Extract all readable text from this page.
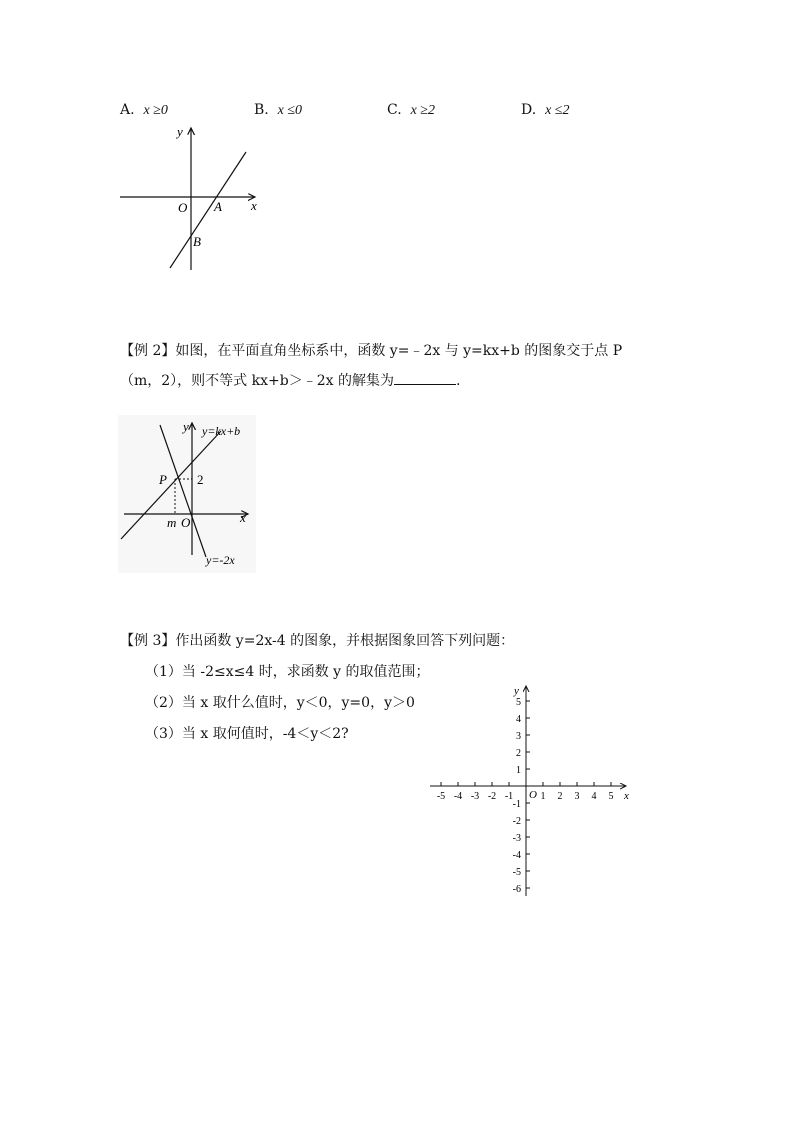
A. x ≥0	B. x ≤0	C. x ≥2	D. x ≤2
y
x
O A
B
【例 2】如图，在平面直角坐标系中，函数 y=﹣2x 与 y=kx+b 的图象交于点 P
（m，2），则不等式 kx+b＞﹣2x 的解集为	.
y y=kx+b
P 2
x
m O
y=-2x
【例 3】作出函数 y=2x-4 的图象，并根据图象回答下列问题：
（1）当 -2≤x≤4 时，求函数 y 的取值范围；
（2）当 x 取什么值时，y＜0，y=0，y＞0
（3）当 x 取何值时，-4＜y＜2?
-5 -4 -3 -2 -1	1 2 3 4 5
5
4
3
2
1
-1
-2
-3
-4
-5
-6
x
y
O
